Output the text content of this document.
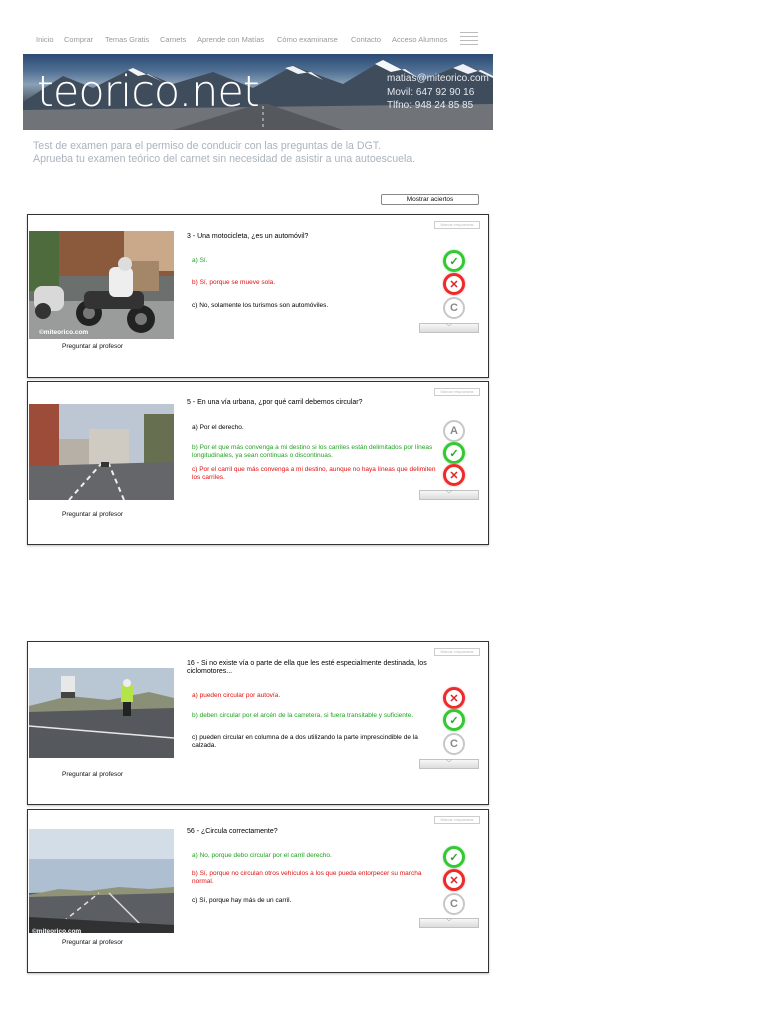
Inicio Comprar Temas Gratis Carnets Aprende con Matías Cómo examinarse Contacto Acceso Alumnos
teorico.net	matias@miteorico.com
Movil: 647 92 90 16
Tlfno: 948 24 85 85
Test de examen para el permiso de conducir con las preguntas de la DGT.
Aprueba tu examen teórico del carnet sin necesidad de asistir a una autoescuela.
Mostrar aciertos
©miteorico.com
Preguntar al profesor
Marcar respuestas
3 - Una motocicleta, ¿es un automóvil?
a) Sí.
b) Sí, porque se mueve sola.
c) No, solamente los turismos son automóviles.
✓
✕
C
﹀
©miteorico.com
Preguntar al profesor
Marcar respuestas
5 - En una vía urbana, ¿por qué carril debemos circular?
a) Por el derecho.
b) Por el que más convenga a mi destino si los carriles están delimitados por líneas longitudinales, ya sean continuas o discontinuas.
c) Por el carril que más convenga a mi destino, aunque no haya líneas que delimiten los carriles.
A
✓
✕
﹀
©miteorico.com
Preguntar al profesor
Marcar respuestas
16 - Si no existe vía o parte de ella que les esté especialmente destinada, los ciclomotores...
a) pueden circular por autovía.
b) deben circular por el arcén de la carretera, si fuera transitable y suficiente.
c) pueden circular en columna de a dos utilizando la parte imprescindible de la calzada.
✕
✓
C
﹀
©miteorico.com
Preguntar al profesor
Marcar respuestas
56 - ¿Circula correctamente?
a) No, porque debo circular por el carril derecho.
b) Sí, porque no circulan otros vehículos a los que pueda entorpecer su marcha normal.
c) Sí, porque hay más de un carril.
✓
✕
C
﹀
